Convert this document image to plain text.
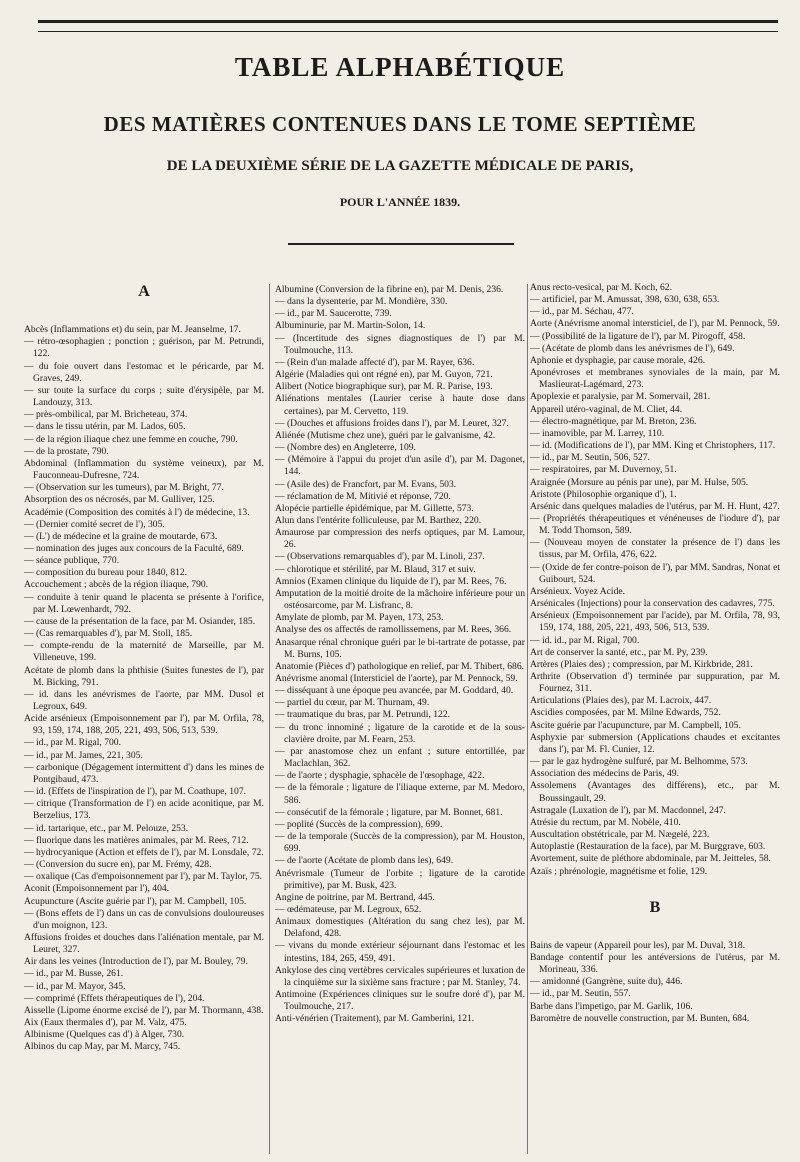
TABLE ALPHABÉTIQUE
DES MATIÈRES CONTENUES DANS LE TOME SEPTIÈME
DE LA DEUXIÈME SÉRIE DE LA GAZETTE MÉDICALE DE PARIS,
POUR L'ANNÉE 1839.
A

Abcès (Inflammations et) du sein, par M. Jeanselme, 17.

— rétro-œsophagien ; ponction ; guérison, par M. Petrundi, 122.

— du foie ouvert dans l'estomac et le péricarde, par M. Graves, 249.

— sur toute la surface du corps ; suite d'érysipèle, par M. Landouzy, 313.

— près-ombilical, par M. Bricheteau, 374.

— dans le tissu utérin, par M. Lados, 605.

— de la région iliaque chez une femme en couche, 790.

— de la prostate, 790.

Abdominal (Inflammation du système veineux), par M. Fauconneau-Dufresne, 724.

— (Observation sur les tumeurs), par M. Bright, 77.

Absorption des os nécrosés, par M. Gulliver, 125.

Académie (Composition des comités à l') de médecine, 13.

— (Dernier comité secret de l'), 305.

— (L') de médecine et la graine de moutarde, 673.

— nomination des juges aux concours de la Faculté, 689.

— séance publique, 770.

— composition du bureau pour 1840, 812.

Accouchement ; abcès de la région iliaque, 790.

— conduite à tenir quand le placenta se présente à l'orifice, par M. Lœwenhardt, 792.

— cause de la présentation de la face, par M. Osiander, 185.

— (Cas remarquables d'), par M. Stoll, 185.

— compte-rendu de la maternité de Marseille, par M. Villeneuve, 199.

Acétate de plomb dans la phthisie (Suites funestes de l'), par M. Bicking, 791.

— id. dans les anévrismes de l'aorte, par MM. Dusol et Legroux, 649.

Acide arsénieux (Empoisonnement par l'), par M. Orfila, 78, 93, 159, 174, 188, 205, 221, 493, 506, 513, 539.

— id., par M. Rigal, 700.

— id., par M. James, 221, 305.

— carbonique (Dégagement intermittent d') dans les mines de Pontgibaud, 473.

— id. (Effets de l'inspiration de l'), par M. Coathupe, 107.

— citrique (Transformation de l') en acide aconitique, par M. Berzelius, 173.

— id. tartarique, etc., par M. Pelouze, 253.

— fluorique dans les matières animales, par M. Rees, 712.

— hydrocyanique (Action et effets de l'), par M. Lonsdale, 72.

— (Conversion du sucre en), par M. Frémy, 428.

— oxalique (Cas d'empoisonnement par l'), par M. Taylor, 75.

Aconit (Empoisonnement par l'), 404.

Acupuncture (Ascite guérie par l'), par M. Campbell, 105.

— (Bons effets de l') dans un cas de convulsions douloureuses d'un moignon, 123.

Affusions froides et douches dans l'aliénation mentale, par M. Leuret, 327.

Air dans les veines (Introduction de l'), par M. Bouley, 79.

— id., par M. Busse, 261.

— id., par M. Mayor, 345.

— comprimé (Effets thérapeutiques de l'), 204.

Aisselle (Lipome énorme excisé de l'), par M. Thormann, 438.

Aix (Eaux thermales d'), par M. Valz, 475.

Albinisme (Quelques cas d') à Alger, 730.

Albinos du cap May, par M. Marcy, 745.

Albumine (Conversion de la fibrine en), par M. Denis, 236.

— dans la dysenterie, par M. Mondière, 330.

— id., par M. Saucerotte, 739.

Albuminurie, par M. Martin-Solon, 14.

— (Incertitude des signes diagnostiques de l') par M. Toulmouche, 113.

— (Rein d'un malade affecté d'), par M. Rayer, 636.

Algérie (Maladies qui ont régné en), par M. Guyon, 721.

Alibert (Notice biographique sur), par M. R. Parise, 193.

Aliénations mentales (Laurier cerise à haute dose dans certaines), par M. Cervetto, 119.

— (Douches et affusions froides dans l'), par M. Leuret, 327.

Aliénée (Mutisme chez une), guéri par le galvanisme, 42.

— (Nombre des) en Angleterre, 109.

— (Mémoire à l'appui du projet d'un asile d'), par M. Dagonet, 144.

— (Asile des) de Francfort, par M. Evans, 503.

— réclamation de M. Mitivié et réponse, 720.

Alopécie partielle épidémique, par M. Gillette, 573.

Alun dans l'entérite folliculeuse, par M. Barthez, 220.

Amaurose par compression des nerfs optiques, par M. Lamour, 26.

— (Observations remarquables d'), par M. Linoli, 237.

— chlorotique et stérilité, par M. Blaud, 317 et suiv.

Amnios (Examen clinique du liquide de l'), par M. Rees, 76.

Amputation de la moitié droite de la mâchoire inférieure pour un ostéosarcome, par M. Lisfranc, 8.

Amylate de plomb, par M. Payen, 173, 253.

Analyse des os affectés de ramollissemens, par M. Rees, 366.

Anasarque rénal chronique guéri par le bi-tartrate de potasse, par M. Burns, 105.

Anatomie (Pièces d') pathologique en relief, par M. Thibert, 686.

Anévrisme anomal (Intersticiel de l'aorte), par M. Pennock, 59.

— disséquant à une époque peu avancée, par M. Goddard, 40.

— partiel du cœur, par M. Thurnam, 49.

— traumatique du bras, par M. Petrundi, 122.

— du tronc innominé ; ligature de la carotide et de la sous-clavière droite, par M. Fearn, 253.

— par anastomose chez un enfant ; suture entortillée, par Maclachlan, 362.

— de l'aorte ; dysphagie, sphacèle de l'œsophage, 422.

— de la fémorale ; ligature de l'iliaque externe, par M. Medoro, 586.

— consécutif de la fémorale ; ligature, par M. Bonnet, 681.

— poplité (Succès de la compression), 699.

— de la temporale (Succès de la compression), par M. Houston, 699.

— de l'aorte (Acétate de plomb dans les), 649.

Anévrismale (Tumeur de l'orbite ; ligature de la carotide primitive), par M. Busk, 423.

Angine de poitrine, par M. Bertrand, 445.

— œdémateuse, par M. Legroux, 652.

Animaux domestiques (Altération du sang chez les), par M. Delafond, 428.

— vivans du monde extérieur séjournant dans l'estomac et les intestins, 184, 265, 459, 491.

Ankylose des cinq vertèbres cervicales supérieures et luxation de la cinquième sur la sixième sans fracture ; par M. Stanley, 74.

Antimoine (Expériences cliniques sur le soufre doré d'), par M. Toulmouche, 217.

Anti-vénérien (Traitement), par M. Gamberini, 121.

Anus recto-vesical, par M. Koch, 62.

— artificiel, par M. Amussat, 398, 630, 638, 653.

— id., par M. Séchau, 477.

Aorte (Anévrisme anomal intersticiel, de l'), par M. Pennock, 59.

— (Possibilité de la ligature de l'), par M. Pirogoff, 458.

— (Acétate de plomb dans les anévrismes de l'), 649.

Aphonie et dysphagie, par cause morale, 426.

Aponévroses et membranes synoviales de la main, par M. Maslieurat-Lagémard, 273.

Apoplexie et paralysie, par M. Somervail, 281.

Appareil utéro-vaginal, de M. Cliet, 44.

— électro-magnétique, par M. Breton, 236.

— inamovible, par M. Larrey, 110.

— id. (Modifications de l'), par MM. King et Christophers, 117.

— id., par M. Seutin, 506, 527.

— respiratoires, par M. Duvernoy, 51.

Araignée (Morsure au pénis par une), par M. Hulse, 505.

Aristote (Philosophie organique d'), 1.

Arsénic dans quelques maladies de l'utérus, par M. H. Hunt, 427.

— (Propriétés thérapeutiques et vénéneuses de l'iodure d'), par M. Todd Thomson, 589.

— (Nouveau moyen de constater la présence de l') dans les tissus, par M. Orfila, 476, 622.

— (Oxide de fer contre-poison de l'), par MM. Sandras, Nonat et Guibourt, 524.

Arsénieux. Voyez Acide.

Arsénicales (Injections) pour la conservation des cadavres, 775.

Arsénieux (Empoisonnement par l'acide), par M. Orfila, 78, 93, 159, 174, 188, 205, 221, 493, 506, 513, 539.

— id. id., par M. Rigal, 700.

Art de conserver la santé, etc., par M. Py, 239.

Artères (Plaies des) ; compression, par M. Kirkbride, 281.

Arthrite (Observation d') terminée par suppuration, par M. Fournez, 311.

Articulations (Plaies des), par M. Lacroix, 447.

Ascidies composées, par M. Milne Edwards, 752.

Ascite guérie par l'acupuncture, par M. Campbell, 105.

Asphyxie par submersion (Applications chaudes et excitantes dans l'), par M. Fl. Cunier, 12.

— par le gaz hydrogène sulfuré, par M. Belhomme, 573.

Association des médecins de Paris, 49.

Assolemens (Avantages des différens), etc., par M. Boussingault, 29.

Astragale (Luxation de l'), par M. Macdonnel, 247.

Atrésie du rectum, par M. Nobèle, 410.

Auscultation obstétricale, par M. Nægelé, 223.

Autoplastie (Restauration de la face), par M. Burggrave, 603.

Avortement, suite de pléthore abdominale, par M. Jeitteles, 58.

Azaïs ; phrénologie, magnétisme et folie, 129.

B

Bains de vapeur (Appareil pour les), par M. Duval, 318.

Bandage contentif pour les antéversions de l'utérus, par M. Morineau, 336.

— amidonné (Gangrène, suite du), 446.

— id., par M. Seutin, 557.

Barbe dans l'impetigo, par M. Garlik, 106.

Baromètre de nouvelle construction, par M. Bunten, 684.
